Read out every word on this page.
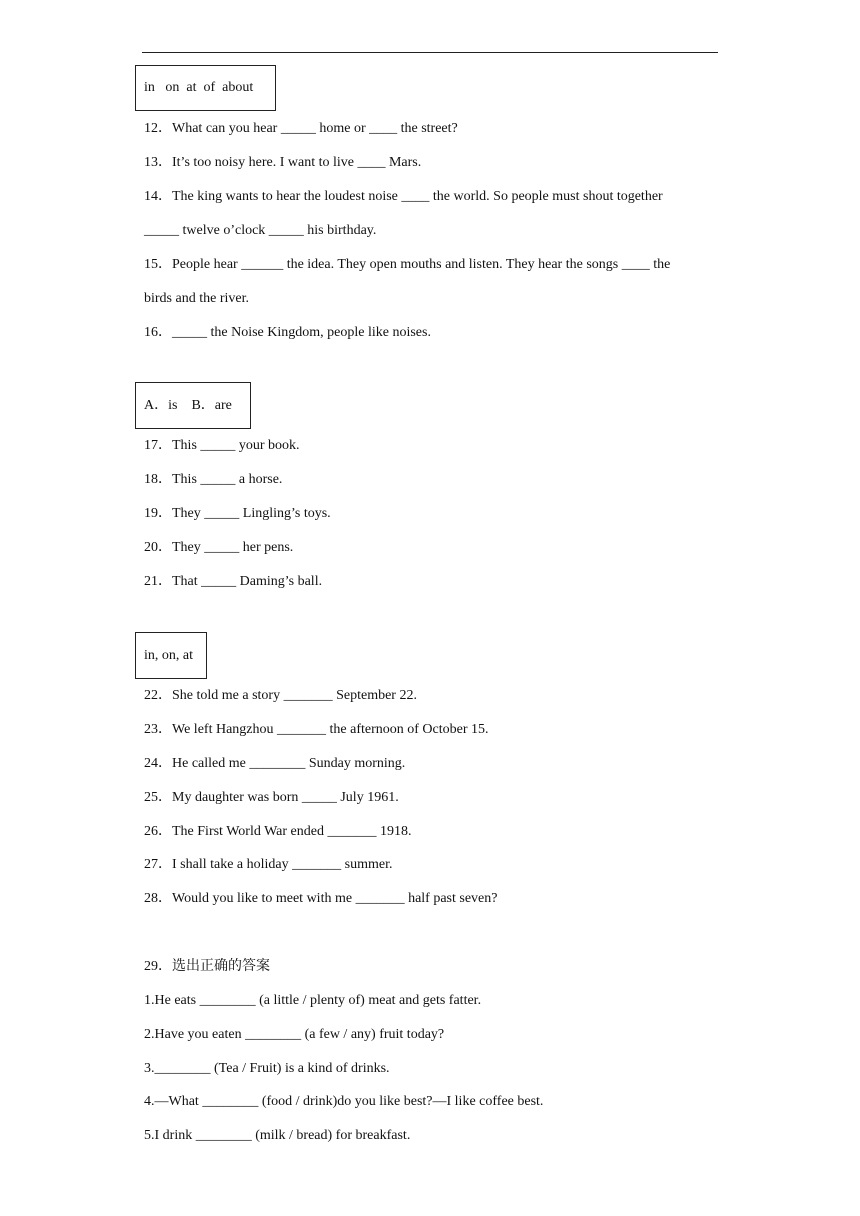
in   on  at  of  about
12．What can you hear _____ home or ____ the street?
13．It’s too noisy here. I want to live ____ Mars.
14．The king wants to hear the loudest noise ____ the world. So people must shout together
_____ twelve o’clock _____ his birthday.
15．People hear ______ the idea. They open mouths and listen. They hear the songs ____ the
birds and the river.
16．_____ the Noise Kingdom, people like noises.
A．is    B．are
17．This _____ your book.
18．This _____ a horse.
19．They _____ Lingling’s toys.
20．They _____ her pens.
21．That _____ Daming’s ball.
in, on, at
22．She told me a story _______ September 22.
23．We left Hangzhou _______ the afternoon of October 15.
24．He called me ________ Sunday morning.
25．My daughter was born _____ July 1961.
26．The First World War ended _______ 1918.
27．I shall take a holiday _______ summer.
28．Would you like to meet with me _______ half past seven?
29．选出正确的答案
1.He eats ________ (a little / plenty of) meat and gets fatter.
2.Have you eaten ________ (a few / any) fruit today?
3.________ (Tea / Fruit) is a kind of drinks.
4.—What ________ (food / drink)do you like best?—I like coffee best.
5.I drink ________ (milk / bread) for breakfast.
